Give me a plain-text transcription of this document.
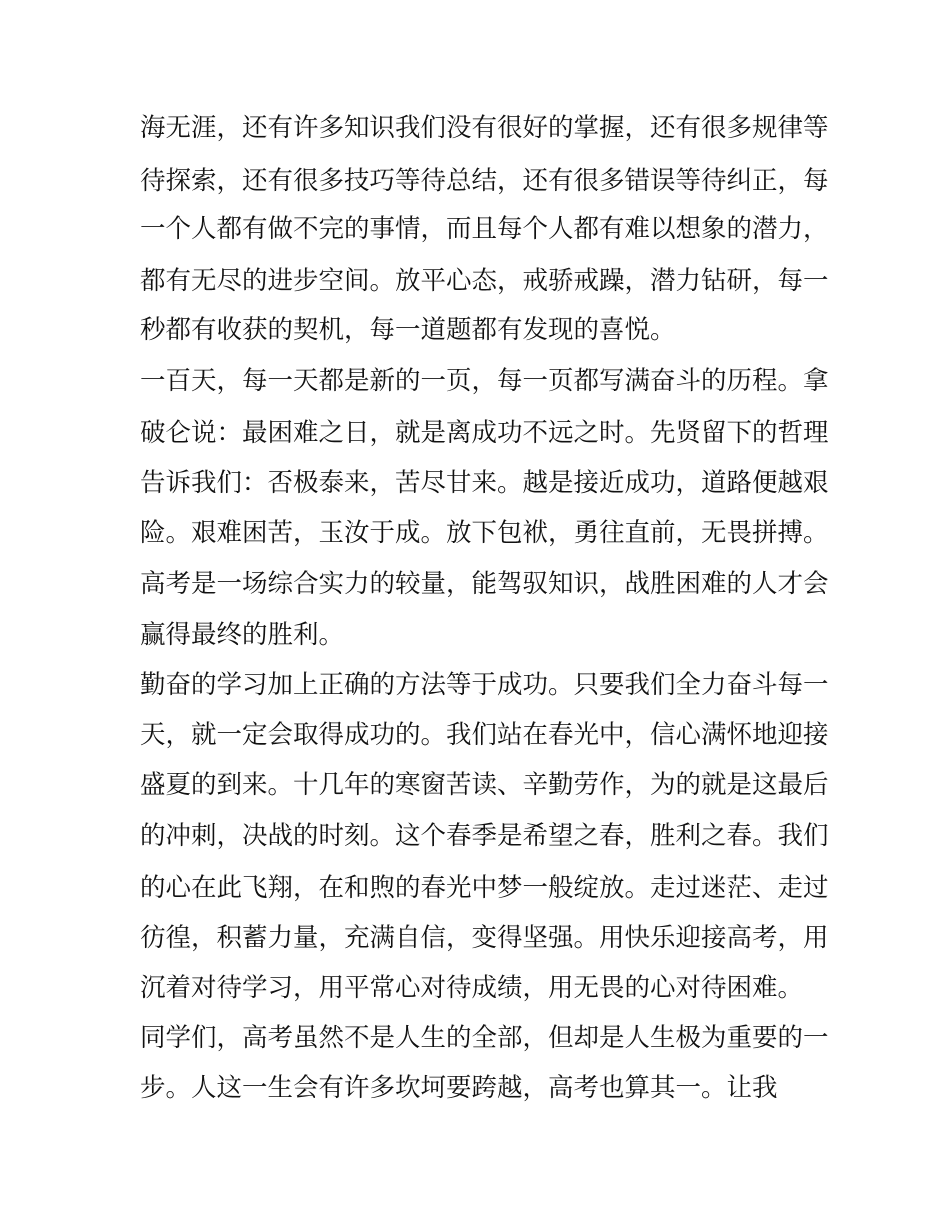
海无涯，还有许多知识我们没有很好的掌握，还有很多规律等

待探索，还有很多技巧等待总结，还有很多错误等待纠正，每

一个人都有做不完的事情，而且每个人都有难以想象的潜力，

都有无尽的进步空间。放平心态，戒骄戒躁，潜力钻研，每一

秒都有收获的契机，每一道题都有发现的喜悦。

一百天，每一天都是新的一页，每一页都写满奋斗的历程。拿

破仑说：最困难之日，就是离成功不远之时。先贤留下的哲理

告诉我们：否极泰来，苦尽甘来。越是接近成功，道路便越艰

险。艰难困苦，玉汝于成。放下包袱，勇往直前，无畏拼搏。

高考是一场综合实力的较量，能驾驭知识，战胜困难的人才会

赢得最终的胜利。

勤奋的学习加上正确的方法等于成功。只要我们全力奋斗每一

天，就一定会取得成功的。我们站在春光中，信心满怀地迎接

盛夏的到来。十几年的寒窗苦读、辛勤劳作，为的就是这最后

的冲刺，决战的时刻。这个春季是希望之春，胜利之春。我们

的心在此飞翔，在和煦的春光中梦一般绽放。走过迷茫、走过

彷徨，积蓄力量，充满自信，变得坚强。用快乐迎接高考，用

沉着对待学习，用平常心对待成绩，用无畏的心对待困难。

同学们，高考虽然不是人生的全部，但却是人生极为重要的一

步。人这一生会有许多坎坷要跨越，高考也算其一。让我
